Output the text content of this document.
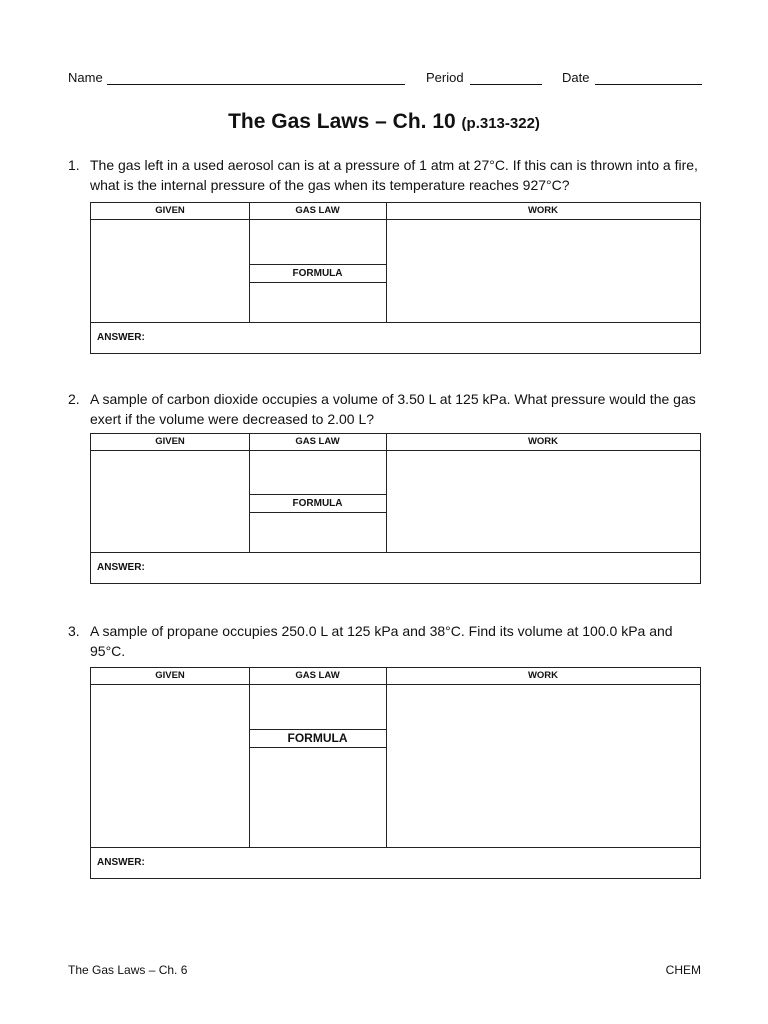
Name	Period	Date
The Gas Laws – Ch. 10 (p.313-322)
1. The gas left in a used aerosol can is at a pressure of 1 atm at 27°C. If this can is thrown into a fire, what is the internal pressure of the gas when its temperature reaches 927°C?
GIVEN	GAS LAW	WORK
FORMULA
ANSWER:
2. A sample of carbon dioxide occupies a volume of 3.50 L at 125 kPa. What pressure would the gas exert if the volume were decreased to 2.00 L?
GIVEN	GAS LAW	WORK
FORMULA
ANSWER:
3. A sample of propane occupies 250.0 L at 125 kPa and 38°C. Find its volume at 100.0 kPa and 95°C.
GIVEN	GAS LAW	WORK
FORMULA
ANSWER:
The Gas Laws – Ch. 6	CHEM
